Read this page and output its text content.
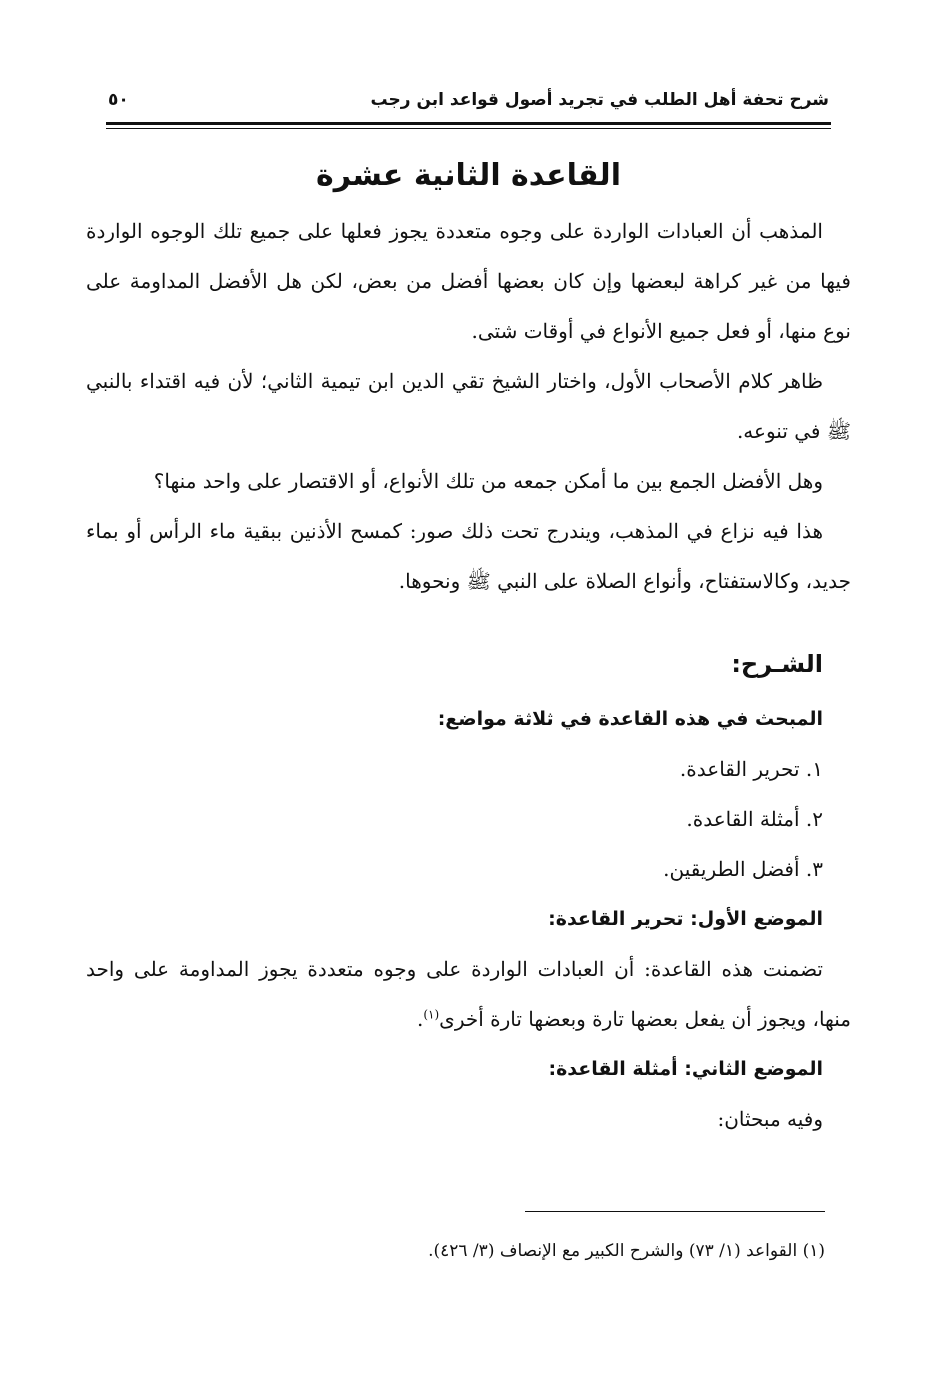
شرح تحفة أهل الطلب في تجريد أصول قواعد ابن رجب
٥٠
القاعدة الثانية عشرة

المذهب أن العبادات الواردة على وجوه متعددة يجوز فعلها على جميع تلك الوجوه الواردة فيها من غير كراهة لبعضها وإن كان بعضها أفضل من بعض، لكن هل الأفضل المداومة على نوع منها، أو فعل جميع الأنواع في أوقات شتى.

ظاهر كلام الأصحاب الأول، واختار الشيخ تقي الدين ابن تيمية الثاني؛ لأن فيه اقتداء بالنبي ﷺ في تنوعه.

وهل الأفضل الجمع بين ما أمكن جمعه من تلك الأنواع، أو الاقتصار على واحد منها؟

هذا فيه نزاع في المذهب، ويندرج تحت ذلك صور: كمسح الأذنين ببقية ماء الرأس أو بماء جديد، وكالاستفتاح، وأنواع الصلاة على النبي ﷺ ونحوها.

الشـرح:
المبحث في هذه القاعدة في ثلاثة مواضع:

١. تحرير القاعدة.

٢. أمثلة القاعدة.

٣. أفضل الطريقين.

الموضع الأول: تحرير القاعدة:

تضمنت هذه القاعدة: أن العبادات الواردة على وجوه متعددة يجوز المداومة على واحد منها، ويجوز أن يفعل بعضها تارة وبعضها تارة أخرى$^{(١)}$.

الموضع الثاني: أمثلة القاعدة:

وفيه مبحثان:

(١) القواعد (١/ ٧٣) والشرح الكبير مع الإنصاف (٣/ ٤٢٦).
